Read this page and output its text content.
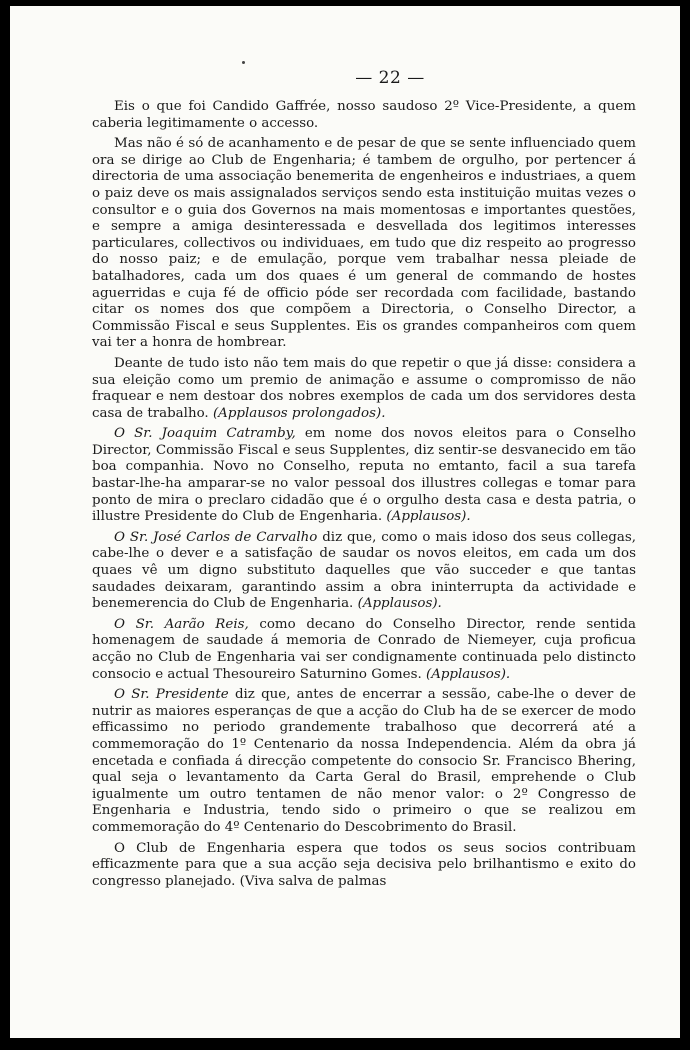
— 22 —

Eis o que foi Candido Gaffrée, nosso saudoso 2º Vice-Presidente, a quem caberia legitimamente o accesso.

Mas não é só de acanhamento e de pesar de que se sente influenciado quem ora se dirige ao Club de Engenharia; é tambem de orgulho, por pertencer á directoria de uma associação benemerita de engenheiros e industriaes, a quem o paiz deve os mais assignalados serviços sendo esta instituição muitas vezes o consultor e o guia dos Governos na mais momentosas e importantes questões, e sempre a amiga desinteressada e desvellada dos legitimos interesses particulares, collectivos ou individuaes, em tudo que diz respeito ao progresso do nosso paiz; e de emulação, porque vem trabalhar nessa pleiade de batalhadores, cada um dos quaes é um general de commando de hostes aguerridas e cuja fé de officio póde ser recordada com facilidade, bastando citar os nomes dos que compõem a Directoria, o Conselho Director, a Commissão Fiscal e seus Supplentes. Eis os grandes companheiros com quem vai ter a honra de hombrear.

Deante de tudo isto não tem mais do que repetir o que já disse: considera a sua eleição como um premio de animação e assume o compromisso de não fraquear e nem destoar dos nobres exemplos de cada um dos servidores desta casa de trabalho. (Applausos prolongados).

O Sr. Joaquim Catramby, em nome dos novos eleitos para o Conselho Director, Commissão Fiscal e seus Supplentes, diz sentir-se desvanecido em tão boa companhia. Novo no Conselho, reputa no emtanto, facil a sua tarefa bastar-lhe-ha amparar-se no valor pessoal dos illustres collegas e tomar para ponto de mira o preclaro cidadão que é o orgulho desta casa e desta patria, o illustre Presidente do Club de Engenharia. (Applausos).

O Sr. José Carlos de Carvalho diz que, como o mais idoso dos seus collegas, cabe-lhe o dever e a satisfação de saudar os novos eleitos, em cada um dos quaes vê um digno substituto daquelles que vão succeder e que tantas saudades deixaram, garantindo assim a obra ininterrupta da actividade e benemerencia do Club de Engenharia. (Applausos).

O Sr. Aarão Reis, como decano do Conselho Director, rende sentida homenagem de saudade á memoria de Conrado de Niemeyer, cuja proficua acção no Club de Engenharia vai ser condignamente continuada pelo distincto consocio e actual Thesoureiro Saturnino Gomes. (Applausos).

O Sr. Presidente diz que, antes de encerrar a sessão, cabe-lhe o dever de nutrir as maiores esperanças de que a acção do Club ha de se exercer de modo efficassimo no periodo grandemente trabalhoso que decorrerá até a commemoração do 1º Centenario da nossa Independencia. Além da obra já encetada e confiada á direcção competente do consocio Sr. Francisco Bhering, qual seja o levantamento da Carta Geral do Brasil, emprehende o Club igualmente um outro tentamen de não menor valor: o 2º Congresso de Engenharia e Industria, tendo sido o primeiro o que se realizou em commemoração do 4º Centenario do Descobrimento do Brasil.

O Club de Engenharia espera que todos os seus socios contribuam efficazmente para que a sua acção seja decisiva pelo brilhantismo e exito do congresso planejado. (Viva salva de palmas
